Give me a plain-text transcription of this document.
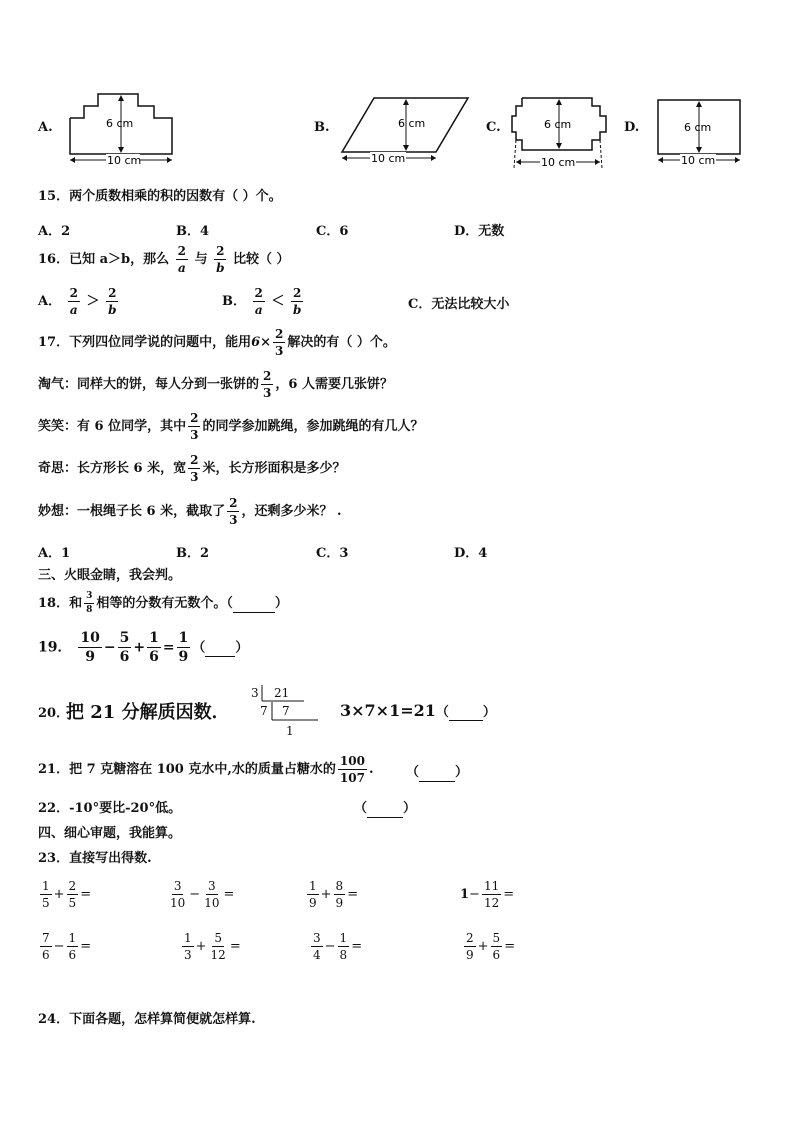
A.	6 cm
10 cm
B.	6 cm
10 cm
C.	6 cm
10 cm
D.	6 cm
10 cm
15．两个质数相乘的积的因数有（ ）个。
A．2	B．4	C．6	D．无数
16．已知 a＞b，那么 $\frac{2}{a}$ 与 $\frac{2}{b}$ 比较（ ）
A． $\frac{2}{a} > \frac{2}{b}$	B． $\frac{2}{a} < \frac{2}{b}$	C．无法比较大小
17．下列四位同学说的问题中，能用$6\times \frac{2}{3}$ 解决的有（ ）个。
淘气：同样大的饼，每人分到一张饼的 $\frac{2}{3}$ ，6 人需要几张饼？
笑笑：有 6 位同学，其中 $\frac{2}{3}$ 的同学参加跳绳，参加跳绳的有几人？
奇思：长方形长 6 米，宽 $\frac{2}{3}$ 米，长方形面积是多少？
妙想：一根绳子长 6 米，截取了 $\frac{2}{3}$ ，还剩多少米？ .
A．1	B．2	C．3	D．4
三、火眼金睛，我会判。
18．和 $\frac{3}{8}$ 相等的分数有无数个。（	）
19． $\frac{10}{9} - \frac{5}{6} + \frac{1}{6} = \frac{1}{9}$ （ ）
20．
把 21 分解质因数．
3 21
7 7
1
3×7×1=21（	）
21．把 7 克糖溶在 100 克水中,水的质量占糖水的 $\frac{100}{107}$ .	（	）
22．-10°要比-20°低。	（	）
四、细心审题，我能算。
23．直接写出得数.
$\frac{1}{5} + \frac{2}{5}$ =	$\frac{3}{10} - \frac{3}{10}$ =	$\frac{1}{9} + \frac{8}{9}$ =	$1- \frac{11}{12}$ =
$\frac{7}{6} - \frac{1}{6}$ =	$\frac{1}{3} + \frac{5}{12}$ =	$\frac{3}{4} - \frac{1}{8}$ =	$\frac{2}{9} + \frac{5}{6}$ =
24．下面各题，怎样算简便就怎样算.
